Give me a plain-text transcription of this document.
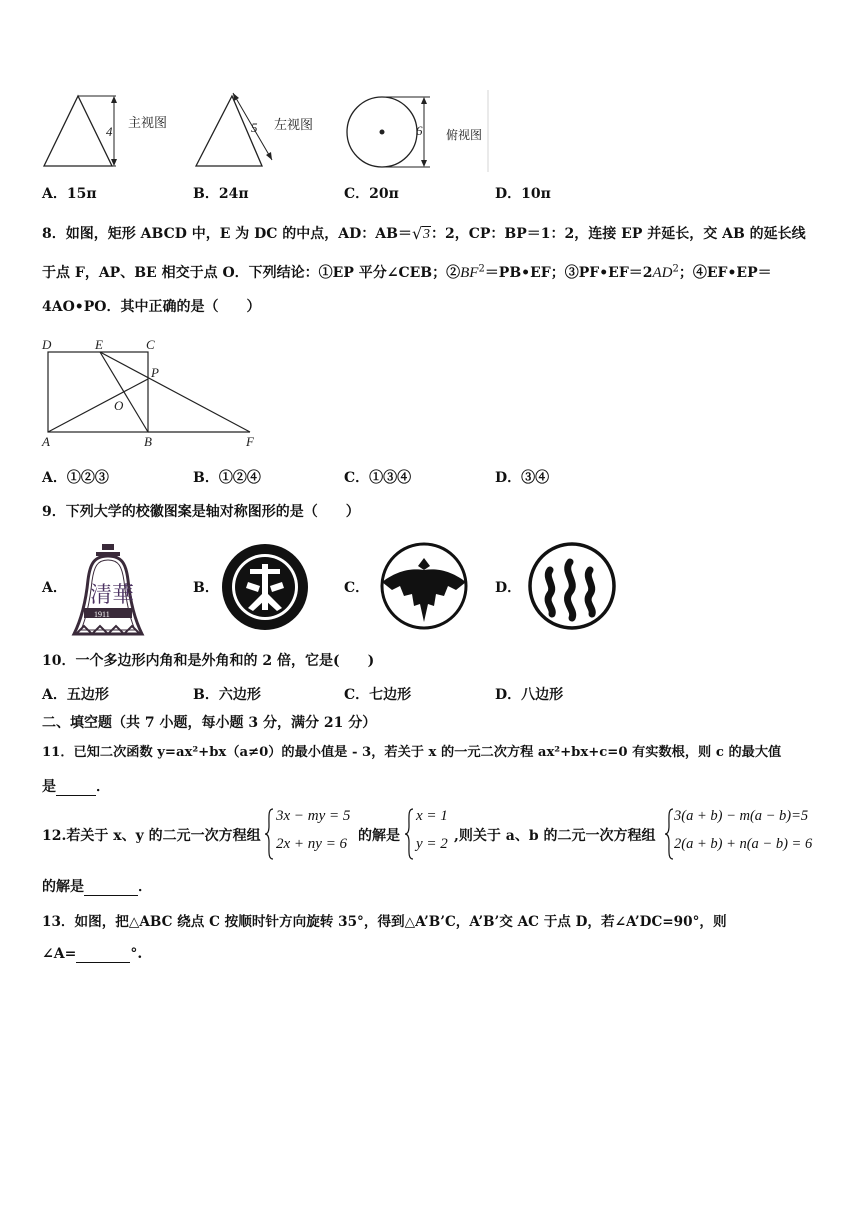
4
主视图	5 左视图	6 俯视图
A．15π	B．24π	C．20π	D．10π
8．如图，矩形 ABCD 中，E 为 DC 的中点，AD：AB＝ √ 3：2，CP：BP＝1：2，连接 EP 并延长，交 AB 的延长线
于点 F，AP、BE 相交于点 O．下列结论：①EP 平分∠CEB；$②BF^2=PB•EF$；$③PF•EF=2AD^2$；④EF•EP＝
4AO•PO．其中正确的是（　　）
D	E	C
P
O
A	B	F
A．①②③	B．①②④	C．①③④	D．③④
9．下列大学的校徽图案是轴对称图形的是（　　）
A． 清華
1911
B．	C．	D．
10．一个多边形内角和是外角和的 2 倍，它是(　　)
A．五边形	B．六边形	C．七边形	D．八边形
二、填空题（共 7 小题，每小题 3 分，满分 21 分）
11．已知二次函数 y=ax²+bx（a≠0）的最小值是 - 3，若关于 x 的一元二次方程 ax²+bx+c=0 有实数根，则 c 的最大值
是	．
12.若关于 x、y 的二元一次方程组
3x − my = 5
2x + ny = 6 的解是
x = 1
y = 2 ,则关于 a、b 的二元一次方程组
3(a + b) − m(a − b)=5
2(a + b) + n(a − b) = 6
的解是	．
13．如图，把△ABC 绕点 C 按顺时针方向旋转 35°，得到△A’B’C，A’B’交 AC 于点 D，若∠A’DC=90°，则
∠A=	°.
